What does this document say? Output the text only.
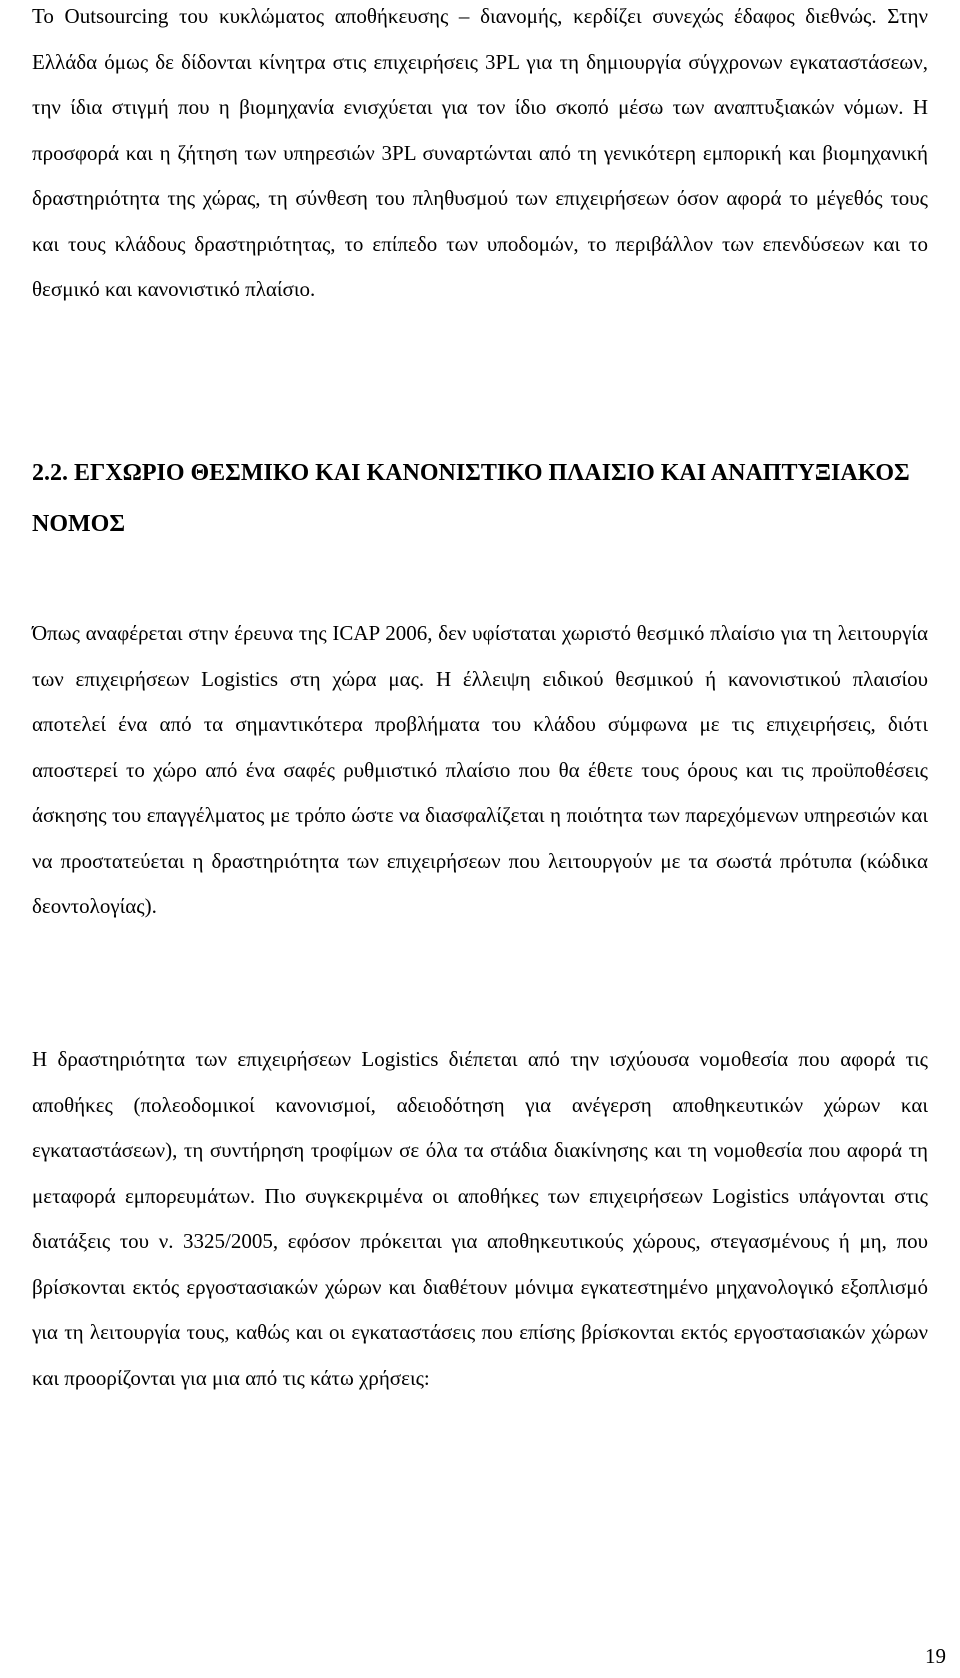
Το Outsourcing του κυκλώματος αποθήκευσης – διανομής, κερδίζει συνεχώς έδαφος διεθνώς. Στην Ελλάδα όμως δε δίδονται κίνητρα στις επιχειρήσεις 3PL για τη δημιουργία σύγχρονων εγκαταστάσεων, την ίδια στιγμή που η βιομηχανία ενισχύεται για τον ίδιο σκοπό μέσω των αναπτυξιακών νόμων. Η προσφορά και η ζήτηση των υπηρεσιών 3PL συναρτώνται από τη γενικότερη εμπορική και βιομηχανική δραστηριότητα της χώρας, τη σύνθεση του πληθυσμού των επιχειρήσεων όσον αφορά το μέγεθός τους και τους κλάδους δραστηριότητας, το επίπεδο των υποδομών, το περιβάλλον των επενδύσεων και το θεσμικό και κανονιστικό πλαίσιο.

2.2. ΕΓΧΩΡΙΟ ΘΕΣΜΙΚΟ ΚΑΙ ΚΑΝΟΝΙΣΤΙΚΟ ΠΛΑΙΣΙΟ ΚΑΙ ΑΝΑΠΤΥΞΙΑΚΟΣ ΝΟΜΟΣ

Όπως αναφέρεται στην έρευνα της ICAP 2006, δεν υφίσταται χωριστό θεσμικό πλαίσιο για τη λειτουργία των επιχειρήσεων Logistics στη χώρα μας. Η έλλειψη ειδικού θεσμικού ή κανονιστικού πλαισίου αποτελεί ένα από τα σημαντικότερα προβλήματα του κλάδου σύμφωνα με τις επιχειρήσεις, διότι αποστερεί το χώρο από ένα σαφές ρυθμιστικό πλαίσιο που θα έθετε τους όρους και τις προϋποθέσεις άσκησης του επαγγέλματος με τρόπο ώστε να διασφαλίζεται η ποιότητα των παρεχόμενων υπηρεσιών και να προστατεύεται η δραστηριότητα των επιχειρήσεων που λειτουργούν με τα σωστά πρότυπα (κώδικα δεοντολογίας).

Η δραστηριότητα των επιχειρήσεων Logistics διέπεται από την ισχύουσα νομοθεσία που αφορά τις αποθήκες (πολεοδομικοί κανονισμοί, αδειοδότηση για ανέγερση αποθηκευτικών χώρων και εγκαταστάσεων), τη συντήρηση τροφίμων σε όλα τα στάδια διακίνησης και τη νομοθεσία που αφορά τη μεταφορά εμπορευμάτων. Πιο συγκεκριμένα οι αποθήκες των επιχειρήσεων Logistics υπάγονται στις διατάξεις του ν. 3325/2005, εφόσον πρόκειται για αποθηκευτικούς χώρους, στεγασμένους ή μη, που βρίσκονται εκτός εργοστασιακών χώρων και διαθέτουν μόνιμα εγκατεστημένο μηχανολογικό εξοπλισμό για τη λειτουργία τους, καθώς και οι εγκαταστάσεις που επίσης βρίσκονται εκτός εργοστασιακών χώρων και προορίζονται για μια από τις κάτω χρήσεις:

19
